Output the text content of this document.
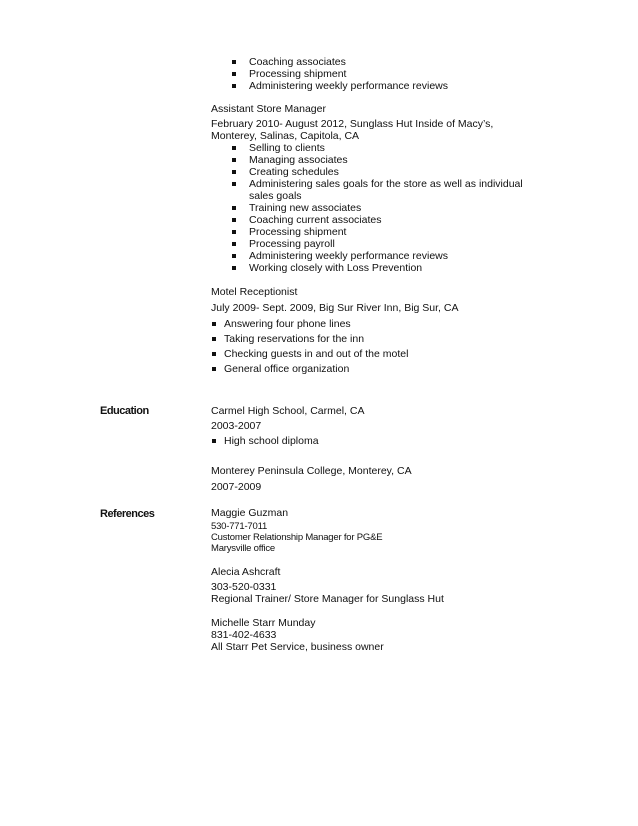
Coaching associates
Processing shipment
Administering weekly performance reviews
Assistant Store Manager
February 2010- August 2012, Sunglass Hut Inside of Macy’s,
Monterey, Salinas, Capitola, CA
Selling to clients
Managing associates
Creating schedules
Administering sales goals for the store as well as individual
sales goals
Training new associates
Coaching current associates
Processing shipment
Processing payroll
Administering weekly performance reviews
Working closely with Loss Prevention
Motel Receptionist
July 2009- Sept. 2009, Big Sur River Inn, Big Sur, CA
Answering four phone lines
Taking reservations for the inn
Checking guests in and out of the motel
General office organization
Education	Carmel High School, Carmel, CA
2003-2007
High school diploma
Monterey Peninsula College, Monterey, CA
2007-2009
References	Maggie Guzman
530-771-7011
Customer Relationship Manager for PG&E
Marysville office
Alecia Ashcraft
303-520-0331
Regional Trainer/ Store Manager for Sunglass Hut
Michelle Starr Munday
831-402-4633
All Starr Pet Service, business owner
